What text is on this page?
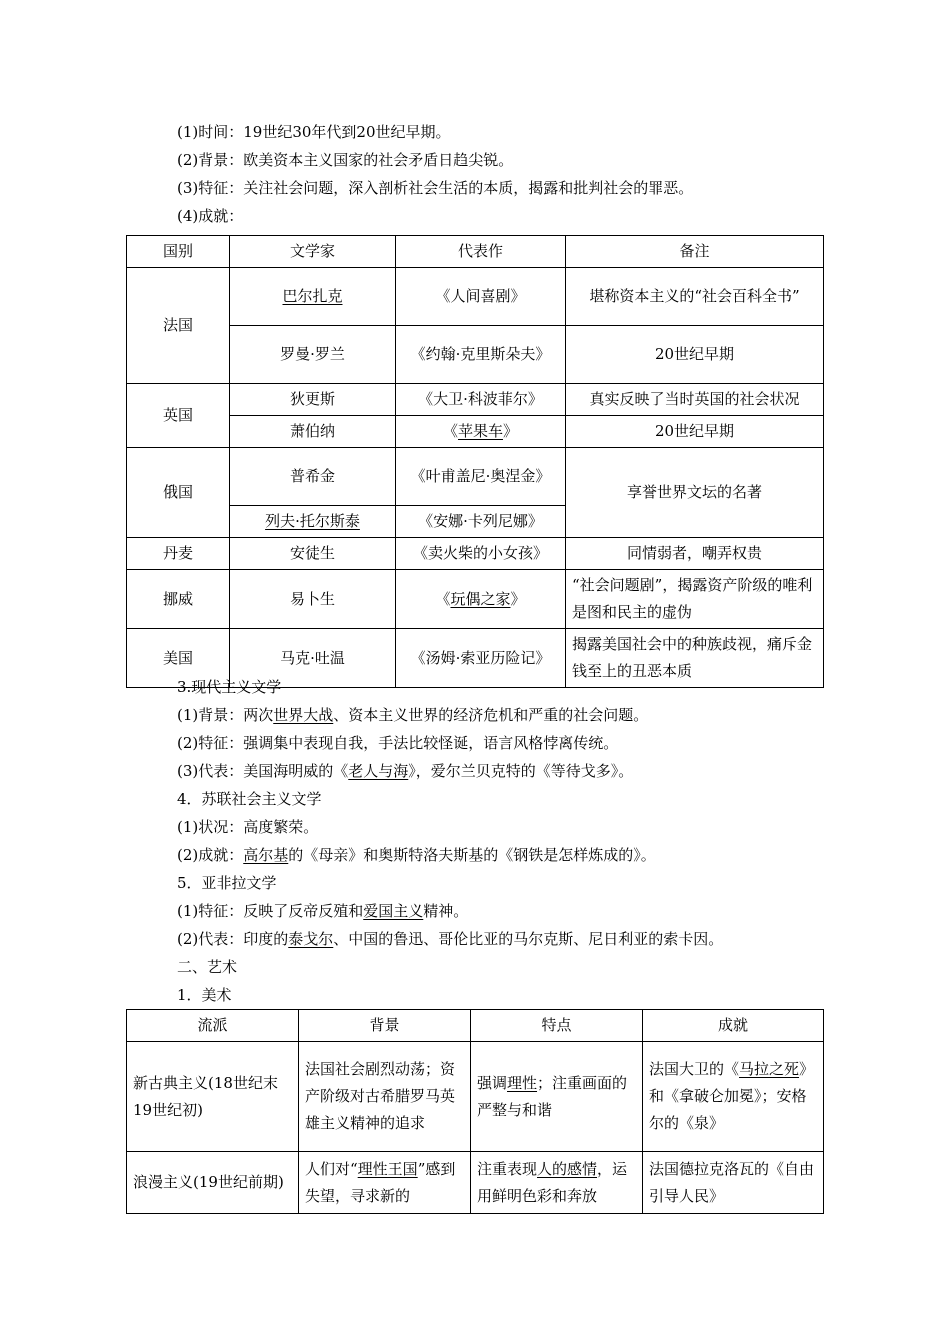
(1)时间：19世纪30年代到20世纪早期。
(2)背景：欧美资本主义国家的社会矛盾日趋尖锐。
(3)特征：关注社会问题，深入剖析社会生活的本质，揭露和批判社会的罪恶。
(4)成就：
国别	文学家	代表作	备注
法国	巴尔扎克	《人间喜剧》	堪称资本主义的“社会百科全书”
	罗曼·罗兰	《约翰·克里斯朵夫》	20世纪早期
英国	狄更斯	《大卫·科波菲尔》	真实反映了当时英国的社会状况
	萧伯纳	《苹果车》	20世纪早期
俄国	普希金	《叶甫盖尼·奥涅金》	享誉世界文坛的名著
	列夫·托尔斯泰	《安娜·卡列尼娜》	
丹麦	安徒生	《卖火柴的小女孩》	同情弱者，嘲弄权贵
挪威	易卜生	《玩偶之家》	“社会问题剧”，揭露资产阶级的唯利是图和民主的虚伪
美国	马克·吐温	《汤姆·索亚历险记》	揭露美国社会中的种族歧视，痛斥金钱至上的丑恶本质
3.现代主义文学
(1)背景：两次世界大战、资本主义世界的经济危机和严重的社会问题。
(2)特征：强调集中表现自我，手法比较怪诞，语言风格悖离传统。
(3)代表：美国海明威的《老人与海》，爱尔兰贝克特的《等待戈多》。
4．苏联社会主义文学
(1)状况：高度繁荣。
(2)成就：高尔基的《母亲》和奥斯特洛夫斯基的《钢铁是怎样炼成的》。
5．亚非拉文学
(1)特征：反映了反帝反殖和爱国主义精神。
(2)代表：印度的泰戈尔、中国的鲁迅、哥伦比亚的马尔克斯、尼日利亚的索卡因。
二、艺术
1．美术
流派	背景	特点	成就
新古典主义(18世纪末19世纪初)	法国社会剧烈动荡；资产阶级对古希腊罗马英雄主义精神的追求	强调理性；注重画面的严整与和谐	法国大卫的《马拉之死》和《拿破仑加冕》；安格尔的《泉》
浪漫主义(19世纪前期)	人们对“理性王国”感到失望，寻求新的	注重表现人的感情，运用鲜明色彩和奔放	法国德拉克洛瓦的《自由引导人民》
